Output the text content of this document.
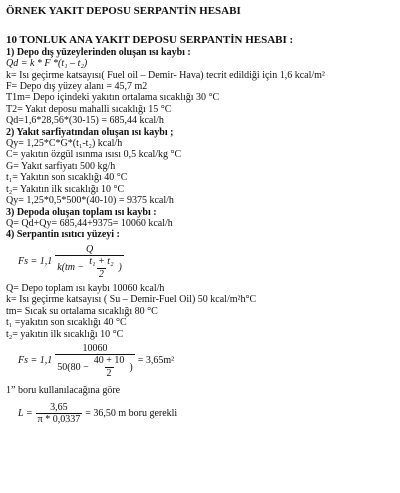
ÖRNEK YAKIT DEPOSU SERPANTİN HESABI
10 TONLUK ANA YAKIT DEPOSU SERPANTİN HESABI :
1) Depo dış yüzeylerinden oluşan ısı kaybı :
Qd = k * F *(t₁ – t₂)
k= Isı geçirme katsayısı( Fuel oil – Demir- Hava) tecrit edildiği için 1,6 kcal/m²
F= Depo dış yüzey alanı = 45,7 m2
T1m= Depo içindeki yakıtın ortalama sıcaklığı 30 °C
T2= Yakıt deposu mahalli sıcaklığı 15 °C
Qd=1,6*28,56*(30-15) = 685,44 kcal/h
2) Yakıt sarfiyatından oluşan ısı kaybı ;
Qy= 1,25*C*G*(t₁-t₂) kcal/h
C= yakıtın özgül ısınma ısısı 0,5 kcal/kg °C
G= Yakıt sarfiyatı 500 kg/h
t₁= Yakıtın son sıcaklığı 40 °C
t₂= Yakıtın ilk sıcaklığı 10 °C
Qy= 1,25*0,5*500*(40-10) = 9375 kcal/h
3) Depoda oluşan toplam ısı kaybı :
Q= Qd+Qy= 685,44+9375= 10060 kcal/h
4) Serpantin ısıtıcı yüzeyi :
Fs = 1,1
Q
$k(tm - \frac{\text{t₁ + t₂}}{2}$ )
Q= Depo toplam ısı kaybı 10060 kcal/h
k= Isı geçirme katsayısı ( Su – Demir-Fuel Oil) 50 kcal/m²h°C
tm= Sıcak su ortalama sıcaklığı 80 °C
t₁ =yakıtın son sıcaklığı 40 °C
t₂= yakıtın ilk sıcaklığı 10 °C
Fs = 1,1
10060
$50(80 - \frac{40 + 10}{2}$ )
= 3,65m²
1” boru kullanılacağına göre
$L = \frac{3,65}{\pi * 0,0337} = 36,50$ m boru gerekli
